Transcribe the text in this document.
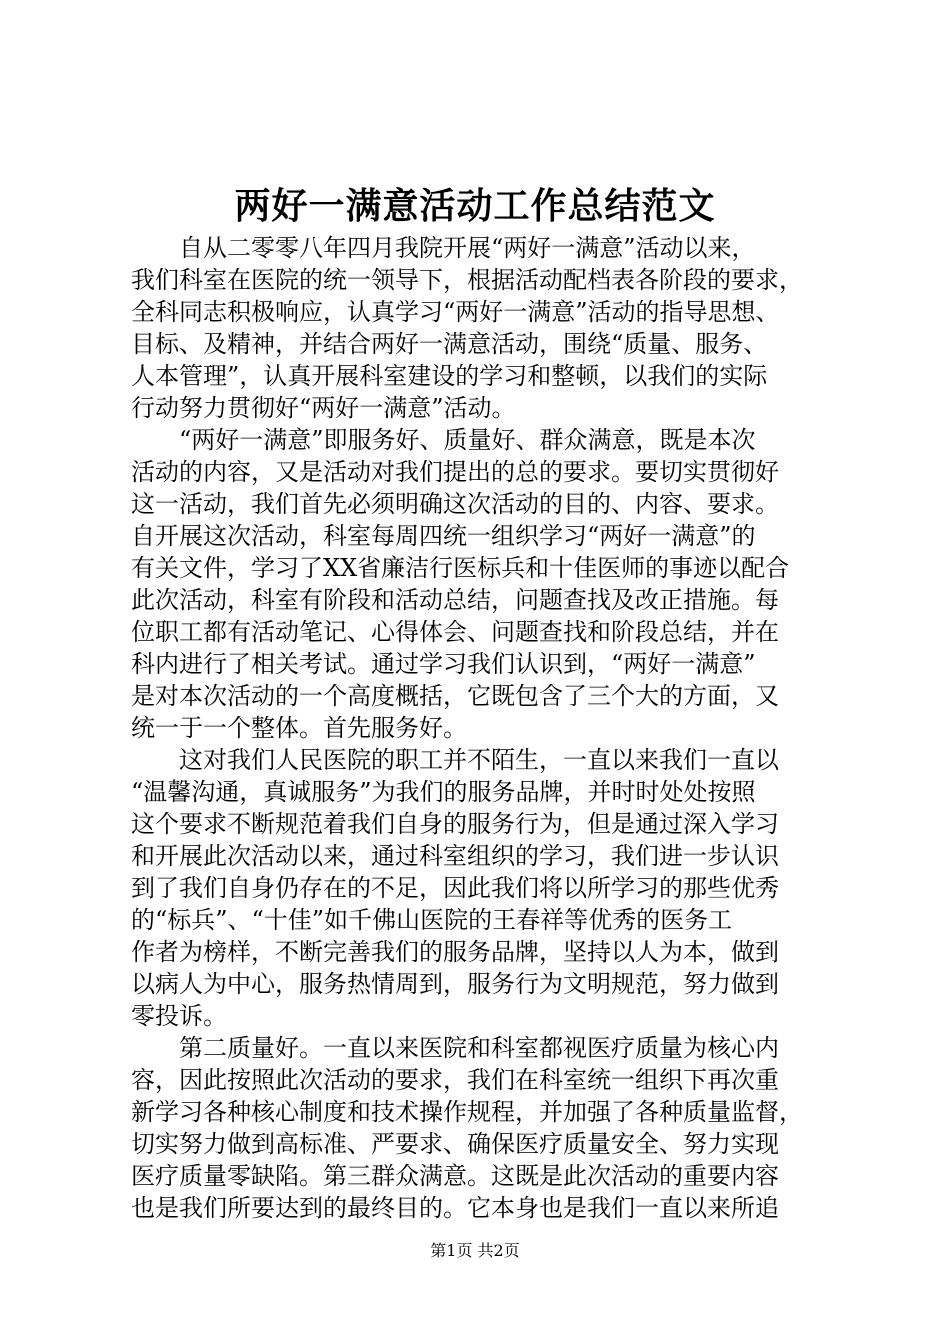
两好一满意活动工作总结范文
自从二零零八年四月我院开展“两好一满意”活动以来，
我们科室在医院的统一领导下，根据活动配档表各阶段的要求，
全科同志积极响应，认真学习“两好一满意”活动的指导思想、
目标、及精神，并结合两好一满意活动，围绕“质量、服务、
人本管理”，认真开展科室建设的学习和整顿，以我们的实际
行动努力贯彻好“两好一满意”活动。
“两好一满意”即服务好、质量好、群众满意，既是本次
活动的内容，又是活动对我们提出的总的要求。要切实贯彻好
这一活动，我们首先必须明确这次活动的目的、内容、要求。
自开展这次活动，科室每周四统一组织学习“两好一满意”的
有关文件，学习了XX省廉洁行医标兵和十佳医师的事迹以配合
此次活动，科室有阶段和活动总结，问题查找及改正措施。每
位职工都有活动笔记、心得体会、问题查找和阶段总结，并在
科内进行了相关考试。通过学习我们认识到，“两好一满意”
是对本次活动的一个高度概括，它既包含了三个大的方面，又
统一于一个整体。首先服务好。
这对我们人民医院的职工并不陌生，一直以来我们一直以
“温馨沟通，真诚服务”为我们的服务品牌，并时时处处按照
这个要求不断规范着我们自身的服务行为，但是通过深入学习
和开展此次活动以来，通过科室组织的学习，我们进一步认识
到了我们自身仍存在的不足，因此我们将以所学习的那些优秀
的“标兵”、“十佳”如千佛山医院的王春祥等优秀的医务工
作者为榜样，不断完善我们的服务品牌，坚持以人为本，做到
以病人为中心，服务热情周到，服务行为文明规范，努力做到
零投诉。
第二质量好。一直以来医院和科室都视医疗质量为核心内
容，因此按照此次活动的要求，我们在科室统一组织下再次重
新学习各种核心制度和技术操作规程，并加强了各种质量监督，
切实努力做到高标准、严要求、确保医疗质量安全、努力实现
医疗质量零缺陷。第三群众满意。这既是此次活动的重要内容
也是我们所要达到的最终目的。它本身也是我们一直以来所追
第1页 共2页
